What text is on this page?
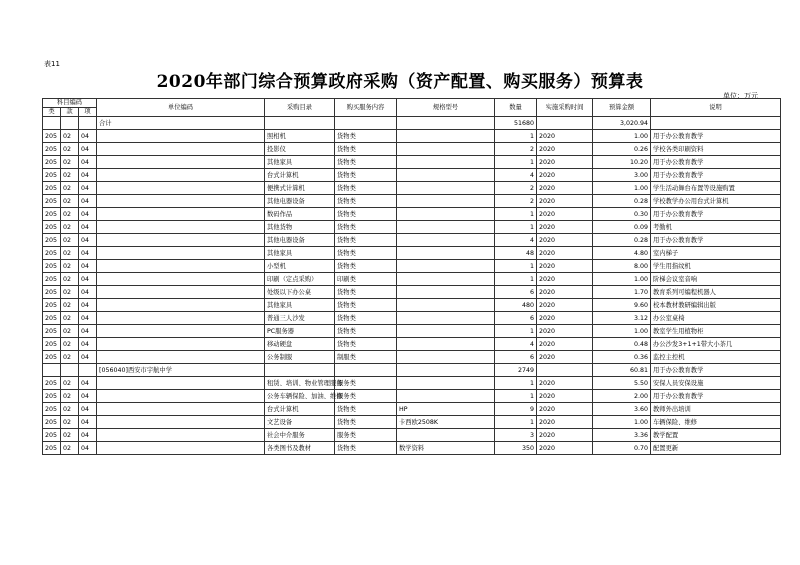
表11
2020年部门综合预算政府采购（资产配置、购买服务）预算表
单位：万元
科目编码			单位编码	采购目录	购买服务内容	规格型号	数量	实施采购时间	预算金额	说明
类	款	项								
			合计				51680		3,020.94	
205	02	04		照相机	货物类		1	2020	1.00	用于办公教育教学
205	02	04		投影仪	货物类		2	2020	0.26	学校各类印刷资料
205	02	04		其他家具	货物类		1	2020	10.20	用于办公教育教学
205	02	04		台式计算机	货物类		4	2020	3.00	用于办公教育教学
205	02	04		便携式计算机	货物类		2	2020	1.00	学生活动舞台布置等设施购置
205	02	04		其他电器设备	货物类		2	2020	0.28	学校教学办公用台式计算机
205	02	04		数码作品	货物类		1	2020	0.30	用于办公教育教学
205	02	04		其他货物	货物类		1	2020	0.09	考勤机
205	02	04		其他电器设备	货物类		4	2020	0.28	用于办公教育教学
205	02	04		其他家具	货物类		48	2020	4.80	室内梯子
205	02	04		小型机	货物类		1	2020	8.00	学生用指纹机
205	02	04		印刷（定点采购）	印刷类		1	2020	1.00	阶梯会议室音响
205	02	04		处级以下办公桌	货物类		6	2020	1.70	教育系列可编程机器人
205	02	04		其他家具	货物类		480	2020	9.60	校本教材教研编辑出版
205	02	04		普通三人沙发	货物类		6	2020	3.12	办公室桌椅
205	02	04		PC服务器	货物类		1	2020	1.00	教室学生用植物柜
205	02	04		移动硬盘	货物类		4	2020	0.48	办公沙发3+1+1带大小茶几
205	02	04		公务制服	制服类		6	2020	0.36	监控主控机
			[056040]西安市宇航中学				2749		60.81	用于办公教育教学
205	02	04		租赁、培训、物业管理服务	服务类		1	2020	5.50	安保人员安保设施
205	02	04		公务车辆保险、加油、维修	服务类		1	2020	2.00	用于办公教育教学
205	02	04		台式计算机	货物类	HP	9	2020	3.60	教师外出培训
205	02	04		文艺设备	货物类	卡西欧2508K	1	2020	1.00	车辆保险、维修
205	02	04		社会中介服务	服务类		3	2020	3.36	教学配置
205	02	04		各类图书及教材	货物类	数学资料	350	2020	0.70	配置更新
